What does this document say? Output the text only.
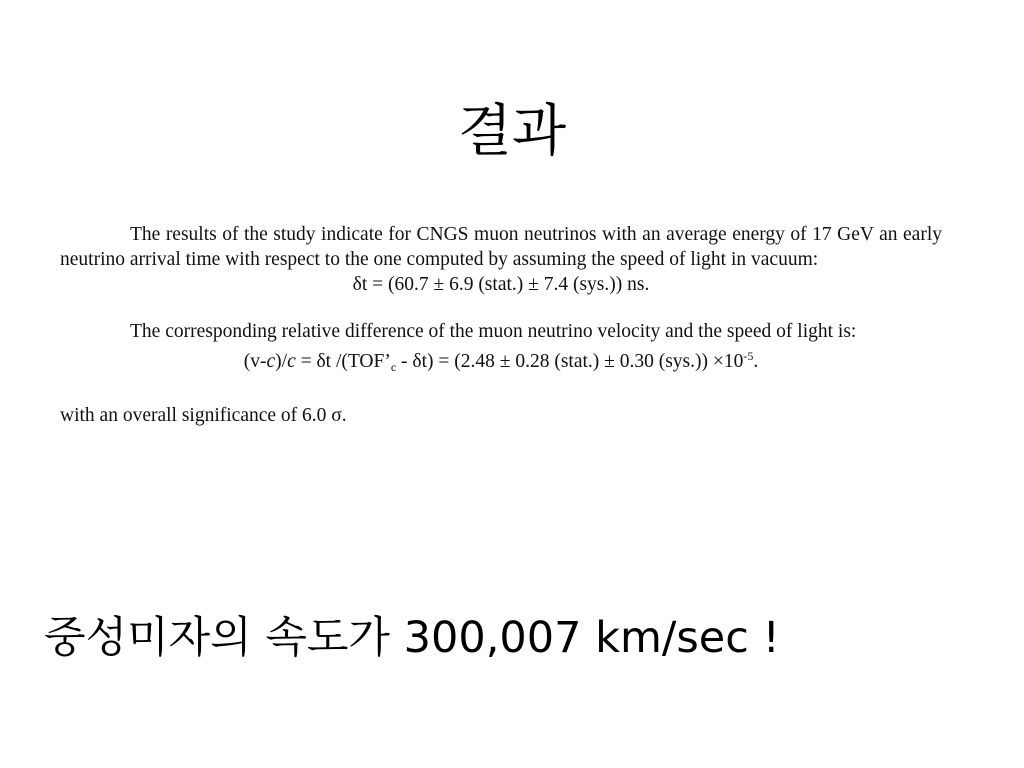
결과

The results of the study indicate for CNGS muon neutrinos with an average energy of 17 GeV an early neutrino arrival time with respect to the one computed by assuming the speed of light in vacuum:

δt = (60.7 ± 6.9 (stat.) ± 7.4 (sys.)) ns.

The corresponding relative difference of the muon neutrino velocity and the speed of light is:

(v-c)/c = δt $/(TOF’_c - \delta t) = (2.48 \pm 0.28$ (stat.) ± 0.30 $(sys.)) \times 10^{-5}$.

with an overall significance of 6.0 σ.

중성미자의 속도가 300,007 km/sec !
